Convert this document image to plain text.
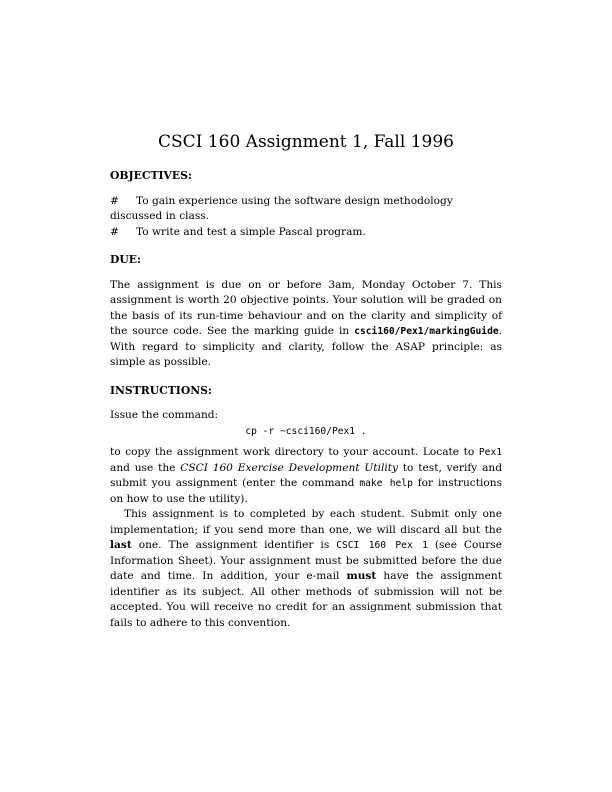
CSCI 160 Assignment 1, Fall 1996
OBJECTIVES:
# To gain experience using the software design methodology
discussed in class.
# To write and test a simple Pascal program.
DUE:

The assignment is due on or before 3am, Monday October 7. This assignment is worth 20 objective points. Your solution will be graded on the basis of its run-time behaviour and on the clarity and simplicity of the source code. See the marking guide in csci160/Pex1/markingGuide. With regard to simplicity and clarity, follow the ASAP principle: as simple as possible.

INSTRUCTIONS:

Issue the command:

cp -r ~csci160/Pex1 .

to copy the assignment work directory to your account. Locate to Pex1 and use the CSCI 160 Exercise Development Utility to test, verify and submit you assignment (enter the command make help for instructions on how to use the utility).

This assignment is to completed by each student. Submit only one implementation; if you send more than one, we will discard all but the last one. The assignment identifier is CSCI 160 Pex 1 (see Course Information Sheet). Your assignment must be submitted before the due date and time. In addition, your e-mail must have the assignment identifier as its subject. All other methods of submission will not be accepted. You will receive no credit for an assignment submission that fails to adhere to this convention.
